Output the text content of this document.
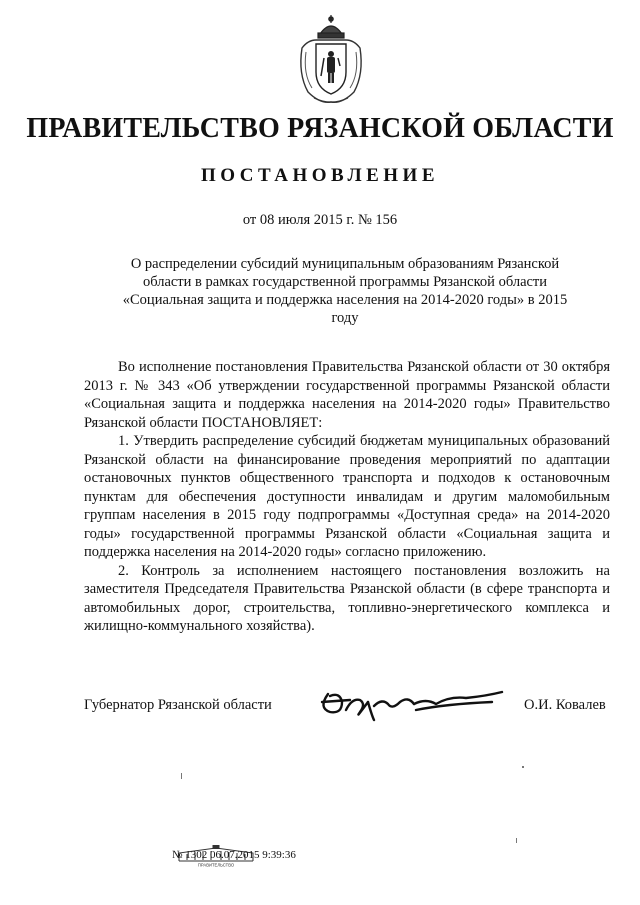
ПРАВИТЕЛЬСТВО РЯЗАНСКОЙ ОБЛАСТИ
ПОСТАНОВЛЕНИЕ
от 08 июля 2015 г. № 156
О распределении субсидий муниципальным образованиям Рязанской области в рамках государственной программы Рязанской области «Социальная защита и поддержка населения на 2014-2020 годы» в 2015 году

Во исполнение постановления Правительства Рязанской области от 30 октября 2013 г. № 343 «Об утверждении государственной программы Рязанской области «Социальная защита и поддержка населения на 2014-2020 годы» Правительство Рязанской области ПОСТАНОВЛЯЕТ:

1. Утвердить распределение субсидий бюджетам муниципальных образований Рязанской области на финансирование проведения мероприятий по адаптации остановочных пунктов общественного транспорта и подходов к остановочным пунктам для обеспечения доступности инвалидам и другим маломобильным группам населения в 2015 году подпрограммы «Доступная среда» на 2014-2020 годы» государственной программы Рязанской области «Социальная защита и поддержка населения на 2014-2020 годы» согласно приложению.

2. Контроль за исполнением настоящего постановления возложить на заместителя Председателя Правительства Рязанской области (в сфере транспорта и автомобильных дорог, строительства, топливно-энергетического комплекса и жилищно-коммунального хозяйства).

Губернатор Рязанской области	О.И. Ковалев
ПРАВИТЕЛЬСТВО
№ 1302 06.07.2015 9:39:36
